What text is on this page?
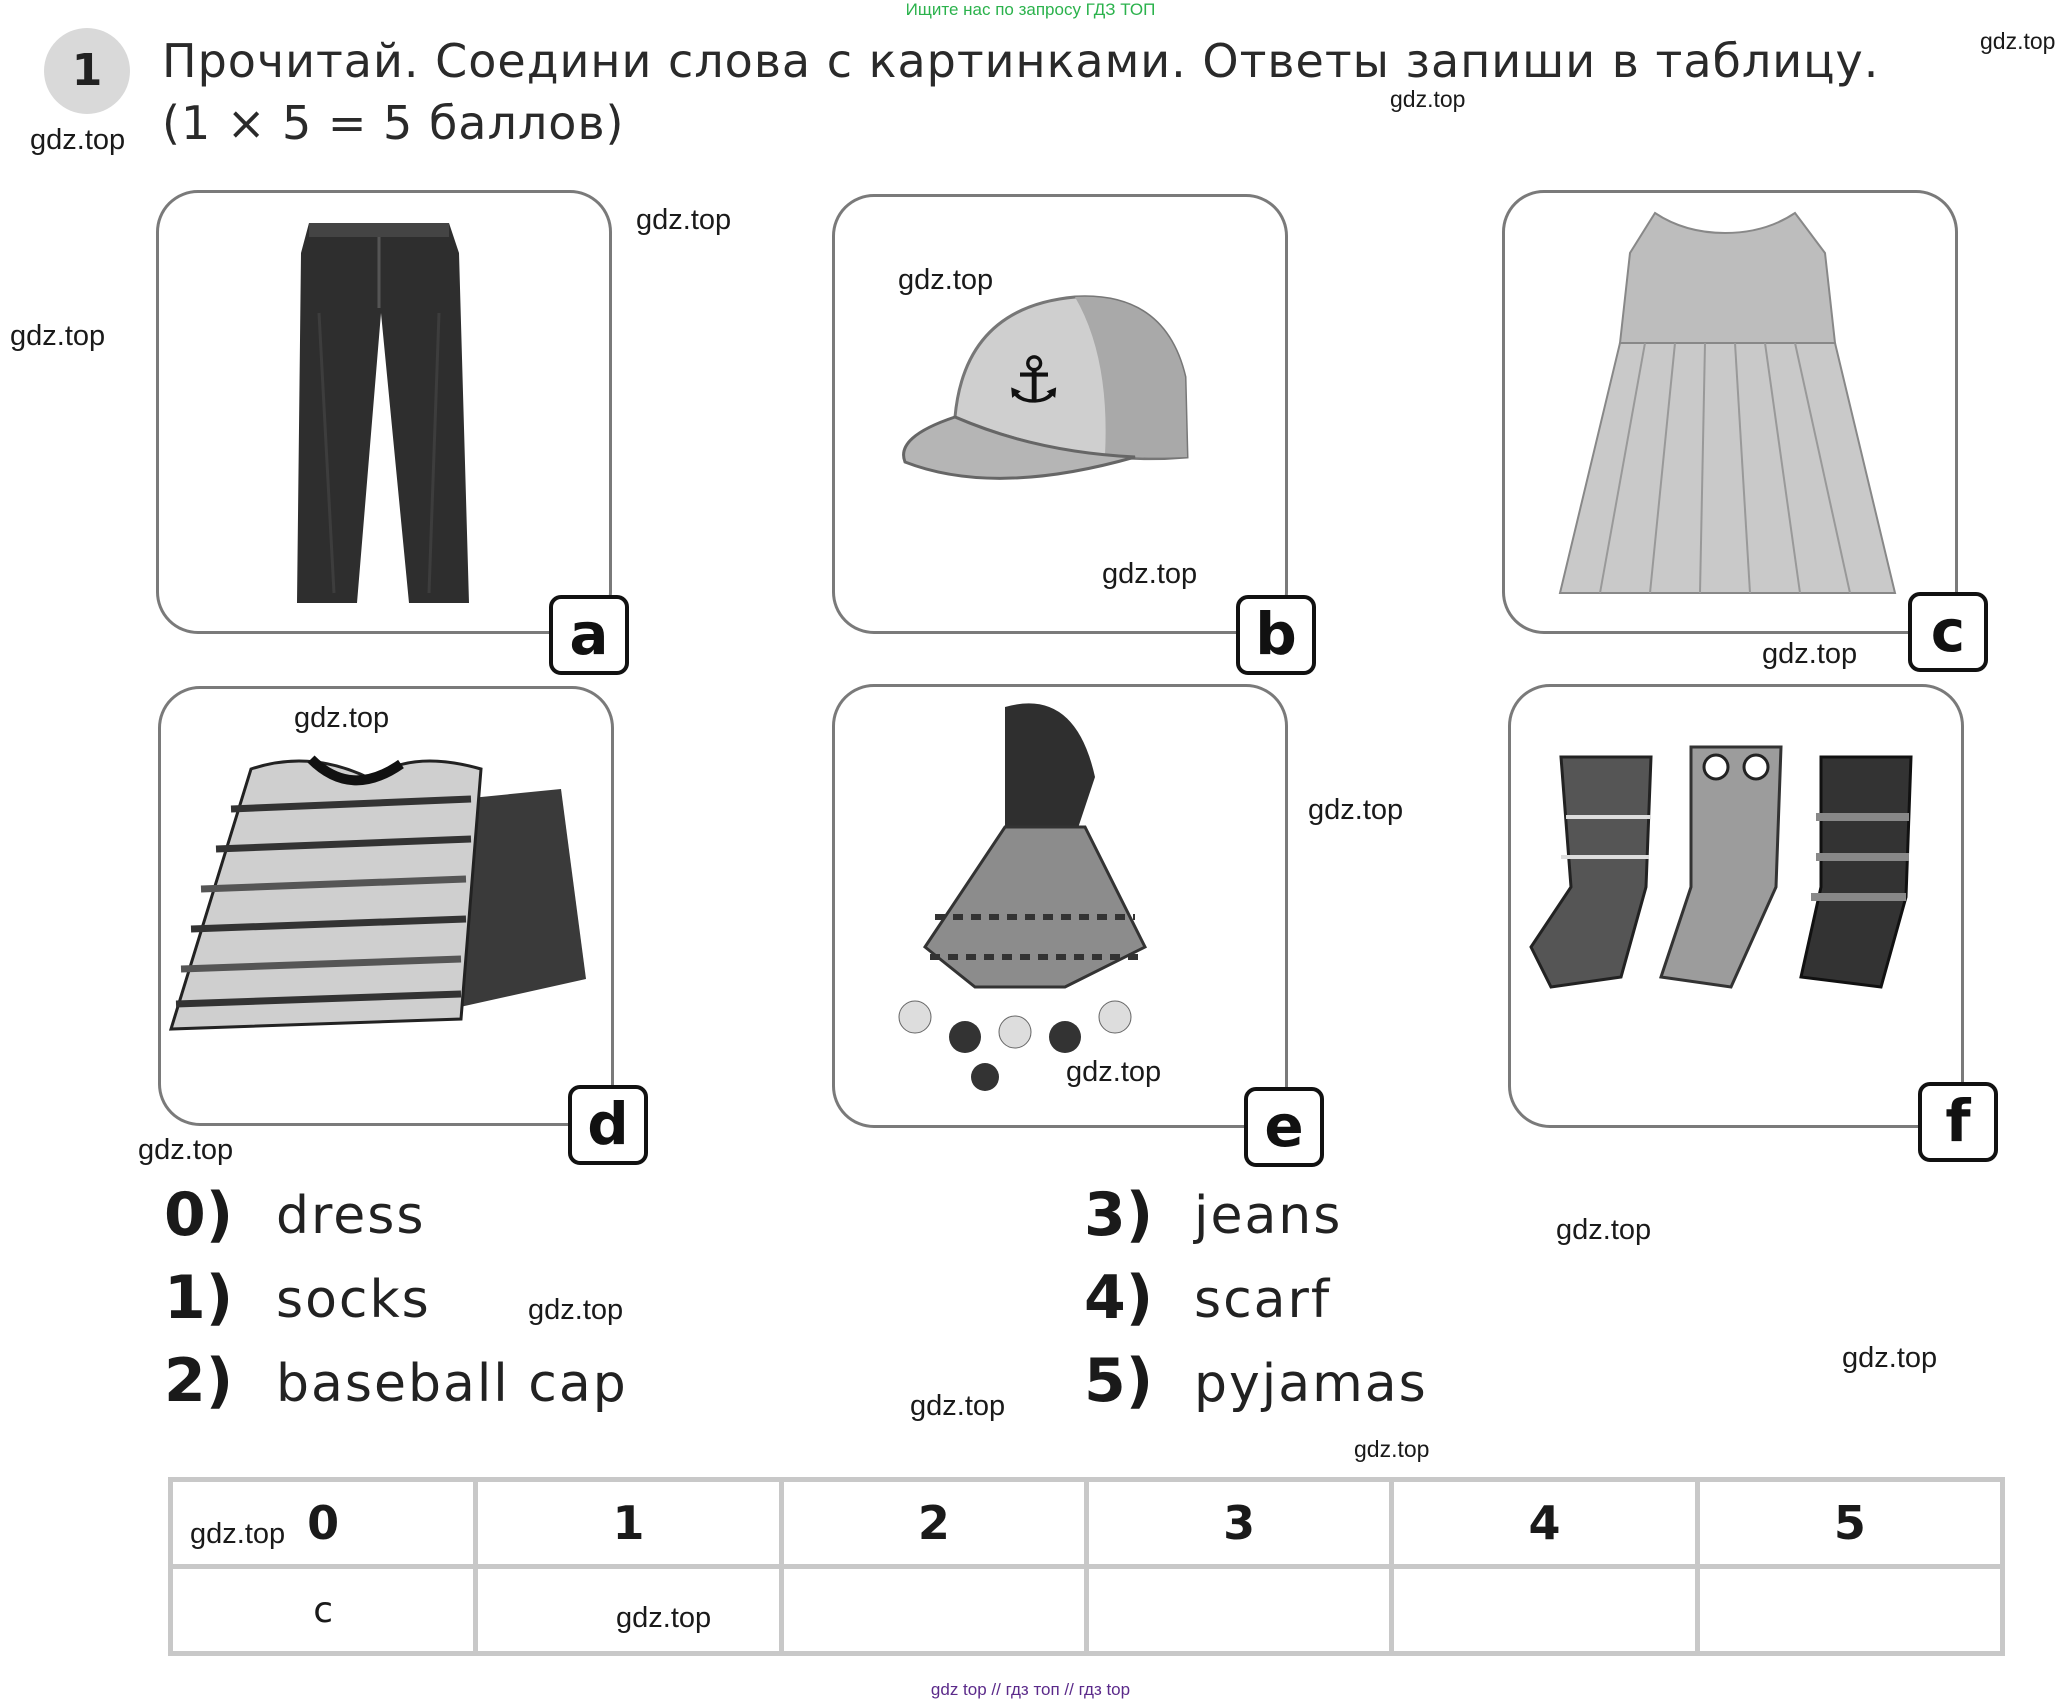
Ищите нас по запросу ГДЗ ТОП
1	Прочитай. Соедини слова с картинками. Ответы запиши в таблицу.
(1 × 5 = 5 баллов)
a
⚓
b	c
d	e	f
0) dress
1) socks
2) baseball cap
3) jeans
4) scarf
5) pyjamas
0	1	2	3	4	5
c					
gdz.top
gdz.top
gdz.top
gdz.top
gdz.top
gdz.top
gdz.top
gdz.top
gdz.top
gdz.top
gdz.top
gdz.top
gdz.top
gdz.top
gdz.top
gdz.top
gdz.top
gdz.top
gdz.top
gdz top // гдз топ // гдз top
